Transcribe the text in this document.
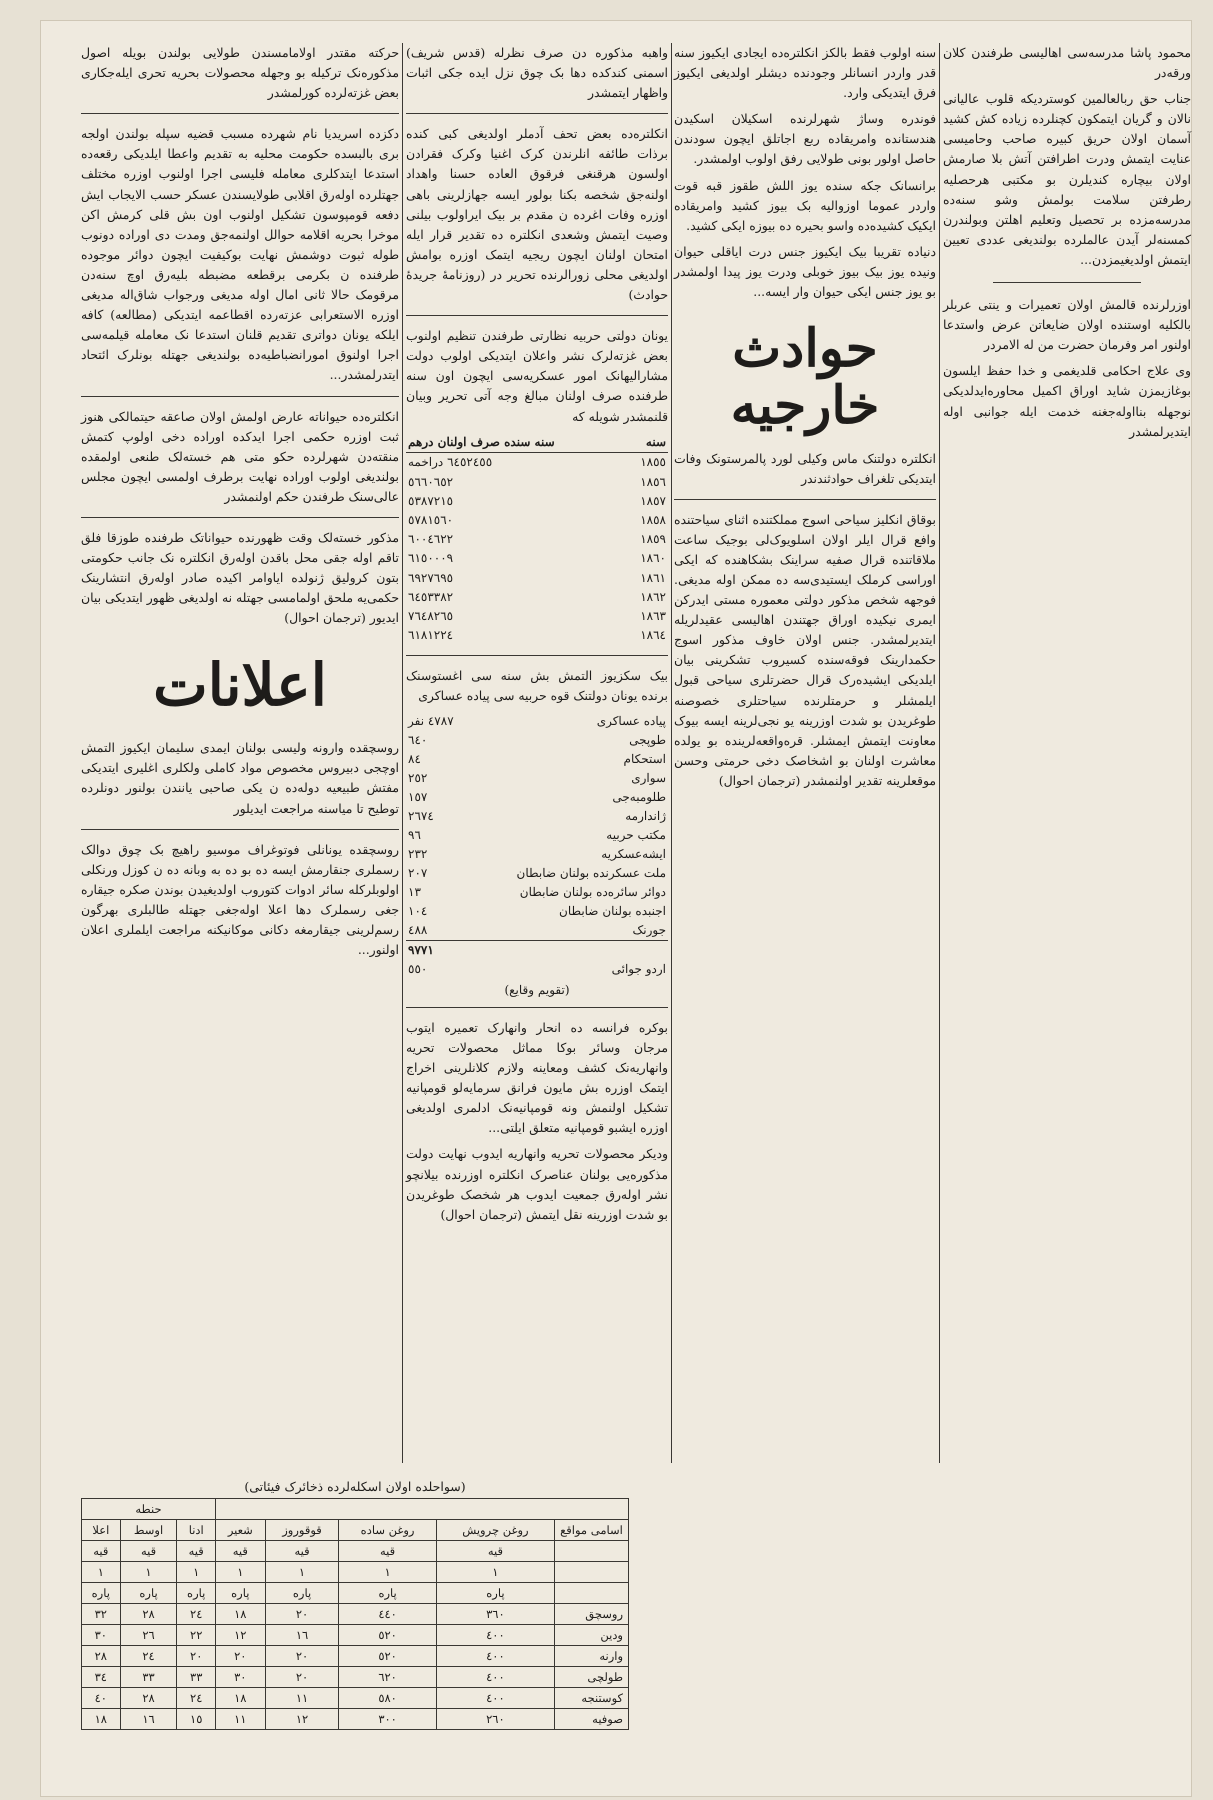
محمود پاشا مدرسه‌سی اهالیسی طرفندن کلان ورقه‌در

جناب حق ربالعالمین کوستردیکه قلوب عالیانی نالان و گریان ایتمکون کچنلرده زیاده کش کشید آسمان اولان حریق کبیره صاحب وحامیسی عنایت ایتمش ودرت اطرافتن آتش بلا صارمش اولان بیچاره کندیلرن بو مکتبی هرحصلیه رطرفتن سلامت بولمش وشو سنه‌ده مدرسه‌مزده بر تحصیل وتعلیم اهلتن وبولندرن کمسنه‌لر آیدن عالملرده بولندیغی عددی تعیین ایتمش اولدیغیمزدن...

اوزرلرنده قالمش اولان تعمیرات و ینتی عربلر بالکلیه اوستنده اولان ضایعاتن عرض واستدعا اولنور امر وفرمان حضرت من له الامردر

وی علاج احکامی قلدیغمی و خدا حفظ ایلسون بوغازیمزن شاید اوراق اکمیل محاوره‌ایدلدیکی نوجهله بنااوله‌جغنه خدمت ایله جوانبی اوله ایتدیرلمشدر

سنه اولوب فقط بالکز انکلتره‌ده ایجادی ایکیوز سنه قدر واردر انسانلر وجودنده دیشلر اولدیغی ایکیوز فرق ایتدیکی وارد.

فوندره وساژ شهرلرنده اسکیلان اسکیدن هندستانده وامریقاده ربع اجاتلق ایچون سودندن حاصل اولور بونی طولایی رفق اولوب اولمشدر.

برانسانک جکه سنده یوز اللش طقوز قبه قوت واردر عموما اوزوالیه بک بیوز کشید وامریقاده ایکیک کشیده‌ده واسو بحیره ده بیوزه ایکی کشید.

دنیاده تقریبا بیک ایکیوز جنس درت ایاقلی حیوان ونیده یوز بیک بیوز خوبلی ودرت یوز پیدا اولمشدر بو یوز جنس ایکی حیوان وار ایسه...

حوادث خارجیه

انکلتره دولتنک ماس وکیلی لورد پالمرستونک وفات ایتدیکی تلغراف حوادثندندر

بوقاق انکلیز سیاحی اسوج مملکتنده اثنای سیاحتنده وافع قرال ایلر اولان اسلویوک‌لی بوجیک ساعت ملاقاتنده قرال صفیه سراینک بشکاهنده که ایکی اوراسی کرملک ایستیدی‌سه ده ممکن اوله مدیغی. فوجهه شخص مذکور دولتی معموره مستی ایدرکن ایمری نیکیده اوراق جهتندن اهالیسی عقیدلریله ایتدیرلمشدر. جنس اولان خاوف مذکور اسوج حکمدارینک فوقه‌سنده کسیروب تشکرینی بیان ایلدیکی ایشیده‌رک قرال حضرتلری سیاحی قبول ایلمشلر و حرمتلرنده سیاحتلری خصوصنه طوغریدن بو شدت اوزرینه یو نجی‌لرینه ایسه بیوک معاونت ایتمش ایمشلر. قره‌واقعه‌لرینده بو یولده معاشرت اولنان بو اشخاصک دخی حرمتی وحسن موقعلرینه تقدیر اولنمشدر (ترجمان احوال)

واهبه مذکوره دن صرف نظرله (قدس شریف) اسمنی کندکده دها بک چوق نزل ایده جکی اثبات واظهار ایتمشدر

انکلتره‌ده بعض تحف آدملر اولدیغی کبی کنده برذات طائفه انلرندن کرک اغنیا وکرک فقرادن اولسون هرقنغی فرقوق العاده حسنا واهداد اولنه‌جق شخصه بکنا بولور ایسه جهازلرینی باهی اوزره وفات اغرده ن مقدم بر بیک ایراولوب بیلنی وصیت ایتمش وشعدی انکلتره ده تقدیر قرار ایله امتحان اولنان ایچون ریجیه ایتمک اوزره بوامش اولدیغی محلی زورالرنده تحریر در (روزنامۀ جریدۀ حوادث)

یونان دولتی حربیه نظارتی طرفندن تنظیم اولنوب بعض غزته‌لرک نشر واعلان ایتدیکی اولوب دولت مشارالیهانک امور عسکریه‌سی ایچون اون سنه طرفنده صرف اولنان مبالغ وجه آتی تحریر وبیان قلنمشدر شویله که

سنه	سنه سنده صرف اولنان درهم
١٨٥٥	٦٤٥٢٤٥٥ دراخمه
١٨٥٦	٥٦٦٠٦٥٢
١٨٥٧	٥٣٨٧٢١٥
١٨٥٨	٥٧٨١٥٦٠
١٨٥٩	٦٠٠٤٦٢٢
١٨٦٠	٦١٥٠٠٠٩
١٨٦١	٦٩٢٧٦٩٥
١٨٦٢	٦٤٥٣٣٨٢
١٨٦٣	٧٦٤٨٢٦٥
١٨٦٤	٦١٨١٢٢٤

بیک سکزیوز التمش بش سنه سی اغستوسنک برنده یونان دولتنک قوه حربیه سی پیاده عساکری

پیاده عساکری	٤٧٨٧ نفر
طوپجی	٦٤٠
استحکام	٨٤
سواری	٢٥٢
طلومبه‌جی	١٥٧
ژاندارمه	٢٦٧٤
مکتب حربیه	٩٦
ایشه‌عسکریه	٢٣٢
ملت عسکرنده بولنان ضابطان	٢٠٧
دوائر سائره‌ده بولنان ضابطان	١٣
اجنبده بولنان ضابطان	١٠٤
جورنک	٤٨٨
	٩٧٧١
اردو جوائی	٥٥٠
(تقویم وقایع)

بوکره فرانسه ده انحار وانهارک تعمیره ایتوب مرجان وسائر بوکا مماثل محصولات تحریه وانهاریه‌نک کشف ومعاینه ولازم کلانلرینی اخراج ایتمک اوزره بش مایون فرانق سرمایه‌لو قومپانیه تشکیل اولنمش ونه قومپانیه‌نک ادلمری اولدیغی اوزره ایشبو قومپانیه متعلق ایلتی...

ودیکر محصولات تحریه وانهاریه‌ ایدوب نهایت دولت مذکوره‌یی بولنان عناصرک انکلتره اوزرنده بیلانچو نشر اوله‌رق جمعیت ایدوب هر شخصک طوغریدن بو شدت اوزرینه نقل ایتمش (ترجمان احوال)

حرکته مقتدر اولامامسندن طولایی بولندن بویله اصول مذکوره‌نک ترکیله بو وجهله محصولات بحریه تحری ایله‌جکاری بعض غزته‌لرده کورلمشدر

دکزده اسریدیا نام شهرده مسبب قضیه سپله بولندن اولجه بری بالبسده حکومت محلیه به تقدیم واعطا ایلدیکی رقعه‌ده استدعا ایتدکلری معامله فلیسی اجرا اولنوب اوزره مختلف جهتلرده اوله‌رق اقلابی طولایسندن عسکر حسب الایجاب ایش دفعه قومپوسون تشکیل اولنوب اون بش قلی کرمش اکن موخرا بحریه اقلامه حوالل اولنمه‌جق ومدت دی اوراده دونوب طوله ثبوت دوشمش نهایت بوکیفیت ایچون دوائر موجوده طرفنده ن بکرمی برقطعه مضبطه بلیه‌رق اوچ سنه‌دن مرقومک حالا ثانی امال اوله‌ مدیغی ورجواب شاق‌اله مدیغی اوزره الاستعرابی‌ عزته‌رده اقطاعمه ایتدیکی (مطالعه) کافه ایلکه یونان دواتری تقدیم قلنان استدعا نک معامله قیلمه‌سی اجرا اولنوق امورانضباطیه‌ده بولندیغی جهتله بونلرک ائتحاد ایتدرلمشدر...

انکلتره‌ده حیواناته عارض اولمش اولان صاعقه حیتمالکی هنوز ثبت اوزره حکمی اجرا ایدکده اوراده دخی اولوپ کتمش منقته‌دن شهرلرده حکو متی هم خسته‌لک طنعی اولمقده بولندیغی اولوب اوراده نهایت برطرف اولمسی ایچون مجلس عالی‌سنک طرفندن حکم اولنمشدر

مذکور خسته‌لک وقت ظهورنده حیواناتک طرفنده طوزقا فلق تاقم اوله جقی محل باقدن اوله‌رق انکلتره نک جانب حکومتی بتون کرولیق ژنولده ایاوامر اکیده صادر اوله‌رق انتشارینک حکمی‌یه ملحق اولمامسی جهتله نه اولدیغی ظهور ایتدیکی بیان ایدیور (ترجمان احوال)

اعلانات

روسچقده وارونه ولیسی بولنان ایمدی سلیمان ایکیوز التمش اوچجی دبیروس مخصوص مواد کاملی ولکلری اغلیری ایتدیکی مفتش طبیعیه دوله‌ده ن یکی صاحبی یانندن بولنور دونلرده توطیح تا میاسنه مراجعت ایدیلور

روسچقده یونانلی فوتوغراف موسیو راهیچ بک چوق دوالک رسملری جنقارمش ایسه ده بو ده به وبانه ده ن کوزل ورنکلی اولوبلرکله سائر ادوات کتوروب اولدیغیدن بوندن صکره جیقاره جغی رسملرک دها اعلا اوله‌جغی جهتله طالبلری بهرگون رسم‌لرینی جیقارمغه دکانی موکانیکنه مراجعت ایلملری اعلان اولنور...

(سواحلده اولان اسکله‌لرده ذخائرک فیئاتی)
					حنطه		
اسامی مواقع	روغن چرویش	روغن ساده	قوقوروز	شعیر	ادنا	اوسط	اعلا
	قیه	قیه	قیه	قیه	قیه	قیه	قیه
	١	١	١	١	١	١	١
	پاره	پاره	پاره	پاره	پاره	پاره	پاره
روسچق	٣٦٠	٤٤٠	٢٠	١٨	٢٤	٢٨	٣٢
ودین	٤٠٠	٥٢٠	١٦	١٢	٢٢	٢٦	٣٠
وارنه	٤٠٠	٥٢٠	٢٠	٢٠	٢٠	٢٤	٢٨
طولچی	٤٠٠	٦٢٠	٢٠	٣٠	٣٣	٣٣	٣٤
کوستنجه	٤٠٠	٥٨٠	١١	١٨	٢٤	٢٨	٤٠
صوفیه	٢٦٠	٣٠٠	١٢	١١	١٥	١٦	١٨
